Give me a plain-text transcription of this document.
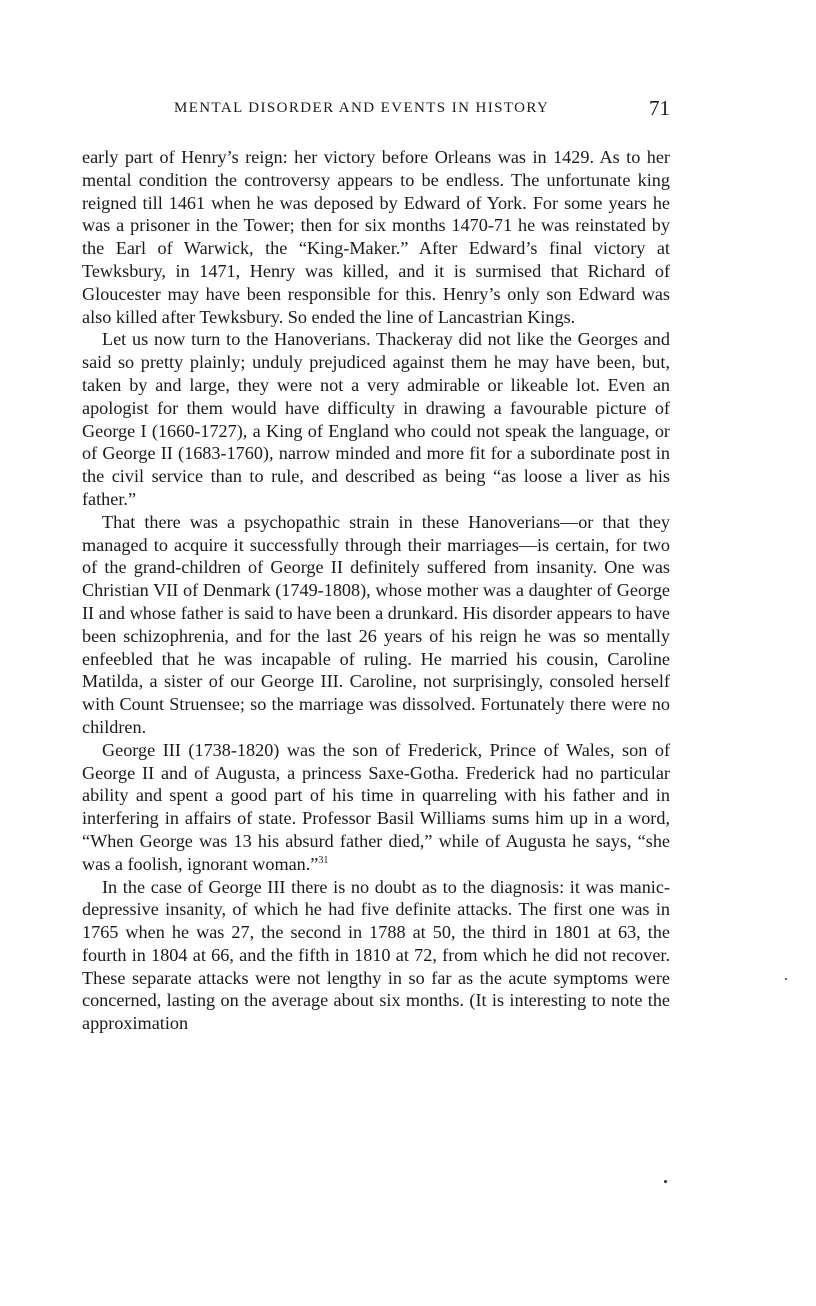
MENTAL DISORDER AND EVENTS IN HISTORY	71

early part of Henry’s reign: her victory before Orleans was in 1429. As to her mental condition the controversy appears to be endless. The unfortunate king reigned till 1461 when he was deposed by Edward of York. For some years he was a prisoner in the Tower; then for six months 1470-71 he was reinstated by the Earl of Warwick, the “King-Maker.” After Edward’s final victory at Tewksbury, in 1471, Henry was killed, and it is surmised that Richard of Gloucester may have been responsible for this. Henry’s only son Edward was also killed after Tewksbury. So ended the line of Lancastrian Kings.

Let us now turn to the Hanoverians. Thackeray did not like the Georges and said so pretty plainly; unduly prejudiced against them he may have been, but, taken by and large, they were not a very admirable or likeable lot. Even an apologist for them would have difficulty in drawing a favourable picture of George I (1660-1727), a King of England who could not speak the language, or of George II (1683-1760), narrow minded and more fit for a subordinate post in the civil service than to rule, and described as being “as loose a liver as his father.”

That there was a psychopathic strain in these Hanoverians—or that they managed to acquire it successfully through their marriages—is certain, for two of the grand-children of George II definitely suffered from insanity. One was Christian VII of Denmark (1749-1808), whose mother was a daughter of George II and whose father is said to have been a drunkard. His disorder appears to have been schizophrenia, and for the last 26 years of his reign he was so mentally enfeebled that he was incapable of ruling. He married his cousin, Caroline Matilda, a sister of our George III. Caroline, not surprisingly, consoled herself with Count Struensee; so the marriage was dissolved. Fortunately there were no children.

George III (1738-1820) was the son of Frederick, Prince of Wales, son of George II and of Augusta, a princess Saxe-Gotha. Frederick had no particular ability and spent a good part of his time in quarreling with his father and in interfering in affairs of state. Professor Basil Williams sums him up in a word, “When George was 13 his absurd father died,” while of Augusta he says, “she was a foolish, ignorant woman.”$^{31}$

In the case of George III there is no doubt as to the diagnosis: it was manic-depressive insanity, of which he had five definite attacks. The first one was in 1765 when he was 27, the second in 1788 at 50, the third in 1801 at 63, the fourth in 1804 at 66, and the fifth in 1810 at 72, from which he did not recover. These separate attacks were not lengthy in so far as the acute symptoms were concerned, lasting on the average about six months. (It is interesting to note the approximation
